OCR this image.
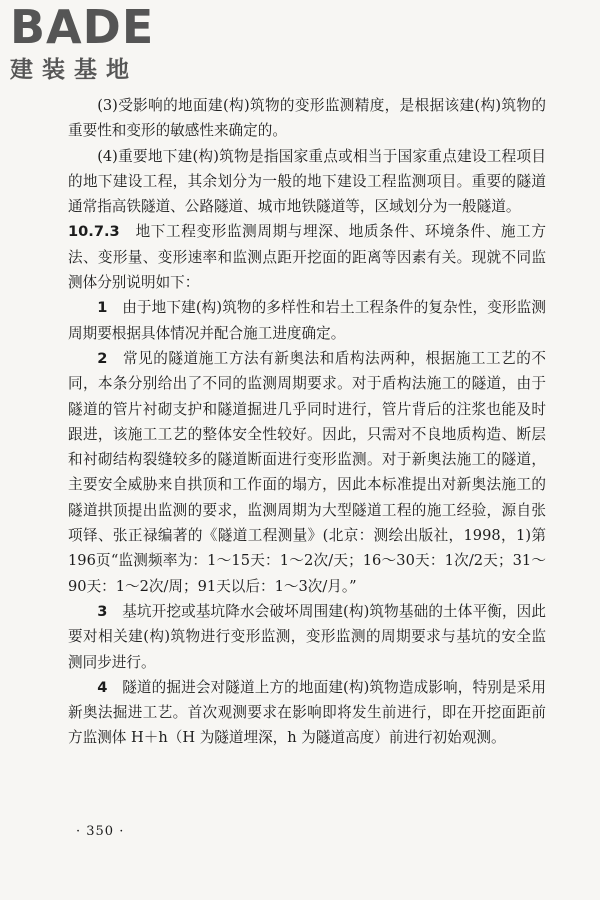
BADE
建装基地

(3)受影响的地面建(构)筑物的变形监测精度，是根据该建(构)筑物的重要性和变形的敏感性来确定的。

(4)重要地下建(构)筑物是指国家重点或相当于国家重点建设工程项目的地下建设工程，其余划分为一般的地下建设工程监测项目。重要的隧道通常指高铁隧道、公路隧道、城市地铁隧道等，区域划分为一般隧道。

10.7.3　 地下工程变形监测周期与埋深、地质条件、环境条件、施工方法、变形量、变形速率和监测点距开挖面的距离等因素有关。现就不同监测体分别说明如下：

1　 由于地下建(构)筑物的多样性和岩土工程条件的复杂性，变形监测周期要根据具体情况并配合施工进度确定。

2　 常见的隧道施工方法有新奥法和盾构法两种，根据施工工艺的不同，本条分别给出了不同的监测周期要求。对于盾构法施工的隧道，由于隧道的管片衬砌支护和隧道掘进几乎同时进行，管片背后的注浆也能及时跟进，该施工工艺的整体安全性较好。因此，只需对不良地质构造、断层和衬砌结构裂缝较多的隧道断面进行变形监测。对于新奥法施工的隧道，主要安全威胁来自拱顶和工作面的塌方，因此本标准提出对新奥法施工的隧道拱顶提出监测的要求，监测周期为大型隧道工程的施工经验，源自张项铎、张正禄编著的《隧道工程测量》(北京：测绘出版社，1998，1)第196页“监测频率为：1～15天：1～2次/天；16～30天：1次/2天；31～90天：1～2次/周；91天以后：1～3次/月。”

3　 基坑开挖或基坑降水会破坏周围建(构)筑物基础的土体平衡，因此要对相关建(构)筑物进行变形监测，变形监测的周期要求与基坑的安全监测同步进行。

4　 隧道的掘进会对隧道上方的地面建(构)筑物造成影响，特别是采用新奥法掘进工艺。首次观测要求在影响即将发生前进行，即在开挖面距前方监测体 H＋h（H 为隧道埋深，h 为隧道高度）前进行初始观测。

· 350 ·
